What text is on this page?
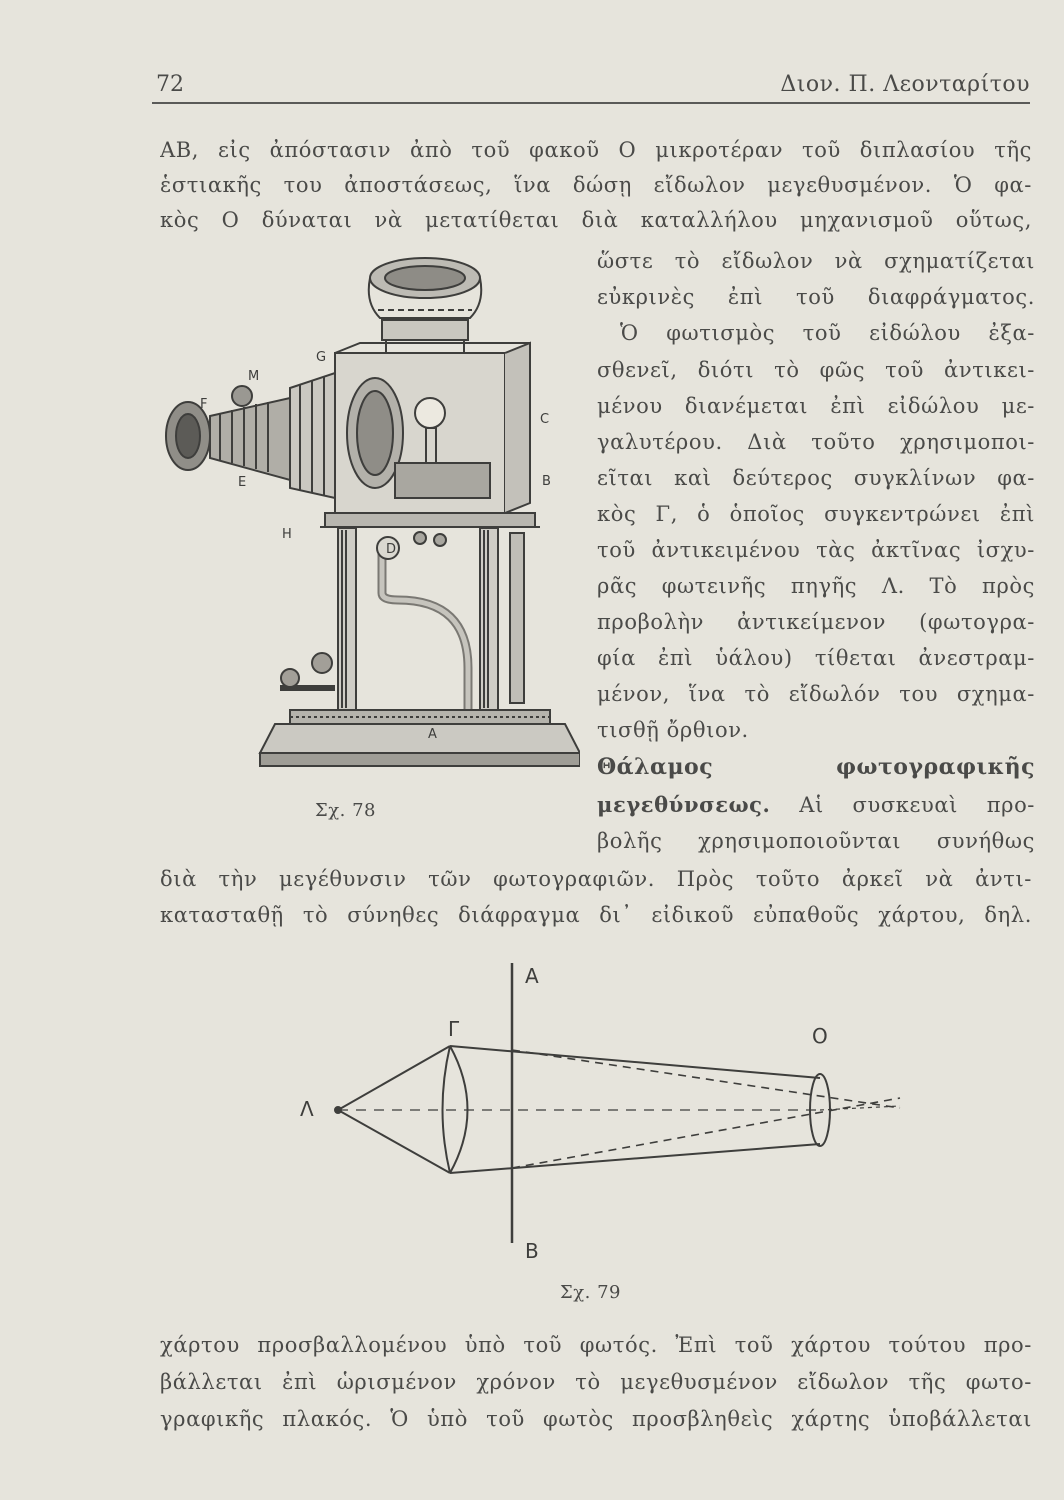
72	Διον. Π. Λεονταρίτου
ΑΒ, εἰς ἀπόστασιν ἀπὸ τοῦ φακοῦ Ο μικροτέραν τοῦ διπλασίου τῆς
ἑστιακῆς του ἀποστάσεως, ἵνα δώσῃ εἴδωλον μεγεθυσμένον. Ὁ φα-
κὸς Ο δύναται νὰ μετατίθεται διὰ καταλλήλου μηχανισμοῦ οὕτως,
ὥστε τὸ εἴδωλον νὰ σχηματίζεται
εὐκρινὲς ἐπὶ τοῦ διαφράγματος.
Ὁ φωτισμὸς τοῦ εἰδώλου ἐξα-
σθενεῖ, διότι τὸ φῶς τοῦ ἀντικει-
μένου διανέμεται ἐπὶ εἰδώλου με-
γαλυτέρου. Διὰ τοῦτο χρησιμοποι-
εῖται καὶ δεύτερος συγκλίνων φα-
κὸς Γ, ὁ ὁποῖος συγκεντρώνει ἐπὶ
τοῦ ἀντικειμένου τὰς ἀκτῖνας ἰσχυ-
ρᾶς φωτεινῆς πηγῆς Λ. Τὸ πρὸς
προβολὴν ἀντικείμενον (φωτογρα-
φία ἐπὶ ὑάλου) τίθεται ἀνεστραμ-
μένον, ἵνα τὸ εἴδωλόν του σχημα-
τισθῇ ὄρθιον.
Θάλαμος φωτογραφικῆς
μεγεθύνσεως. Αἱ συσκευαὶ προ-
βολῆς χρησιμοποιοῦνται συνήθως
διὰ τὴν μεγέθυνσιν τῶν φωτογραφιῶν. Πρὸς τοῦτο ἀρκεῖ νὰ ἀντι-
κατασταθῇ τὸ σύνηθες διάφραγμα δι᾽ εἰδικοῦ εὐπαθοῦς χάρτου, δηλ.
χάρτου προσβαλλομένου ὑπὸ τοῦ φωτός. Ἐπὶ τοῦ χάρτου τούτου προ-
βάλλεται ἐπὶ ὡρισμένον χρόνον τὸ μεγεθυσμένον εἴδωλον τῆς φωτο-
γραφικῆς πλακός. Ὁ ὑπὸ τοῦ φωτὸς προσβληθεὶς χάρτης ὑποβάλλεται
G
M
F
E
H
C
B
D
A
Σχ. 78
Α
Β
Γ
Λ
Ο
Σχ. 79
